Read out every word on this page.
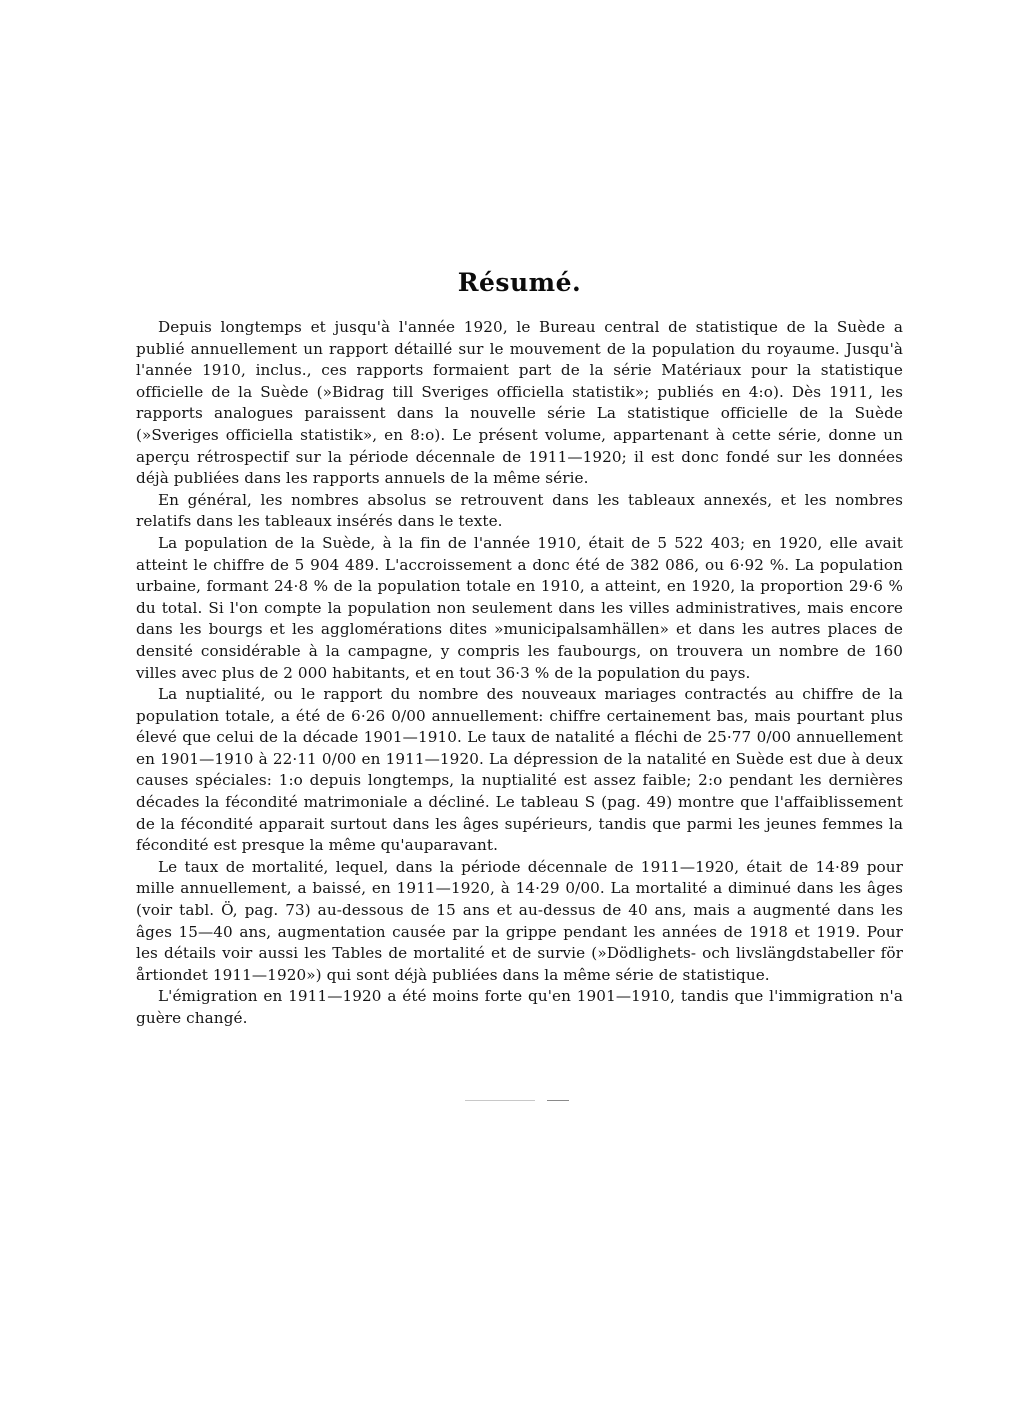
Résumé.

Depuis longtemps et jusqu'à l'année 1920, le Bureau central de statistique de la Suède a publié annuellement un rapport détaillé sur le mouvement de la population du royaume. Jusqu'à l'année 1910, inclus., ces rapports formaient part de la série Matériaux pour la statistique officielle de la Suède (»Bidrag till Sveriges officiella statistik»; publiés en 4:o). Dès 1911, les rapports analogues paraissent dans la nouvelle série La statistique officielle de la Suède (»Sveriges officiella statistik», en 8:o). Le présent volume, appartenant à cette série, donne un aperçu rétrospectif sur la période décennale de 1911—1920; il est donc fondé sur les données déjà publiées dans les rapports annuels de la même série.

En général, les nombres absolus se retrouvent dans les tableaux annexés, et les nombres relatifs dans les tableaux insérés dans le texte.

La population de la Suède, à la fin de l'année 1910, était de 5 522 403; en 1920, elle avait atteint le chiffre de 5 904 489. L'accroissement a donc été de 382 086, ou 6·92 %. La population urbaine, formant 24·8 % de la population totale en 1910, a atteint, en 1920, la proportion 29·6 % du total. Si l'on compte la population non seulement dans les villes administratives, mais encore dans les bourgs et les agglomérations dites »municipalsamhällen» et dans les autres places de densité considérable à la campagne, y compris les faubourgs, on trouvera un nombre de 160 villes avec plus de 2 000 habitants, et en tout 36·3 % de la population du pays.

La nuptialité, ou le rapport du nombre des nouveaux mariages contractés au chiffre de la population totale, a été de 6·26 0/00 annuellement: chiffre certainement bas, mais pourtant plus élevé que celui de la décade 1901—1910. Le taux de natalité a fléchi de 25·77 0/00 annuellement en 1901—1910 à 22·11 0/00 en 1911—1920. La dépression de la natalité en Suède est due à deux causes spéciales: 1:o depuis longtemps, la nuptialité est assez faible; 2:o pendant les dernières décades la fécondité matrimoniale a décliné. Le tableau S (pag. 49) montre que l'affaiblissement de la fécondité apparait surtout dans les âges supérieurs, tandis que parmi les jeunes femmes la fécondité est presque la même qu'auparavant.

Le taux de mortalité, lequel, dans la période décennale de 1911—1920, était de 14·89 pour mille annuellement, a baissé, en 1911—1920, à 14·29 0/00. La mortalité a diminué dans les âges (voir tabl. Ö, pag. 73) au-dessous de 15 ans et au-dessus de 40 ans, mais a augmenté dans les âges 15—40 ans, augmentation causée par la grippe pendant les années de 1918 et 1919. Pour les détails voir aussi les Tables de mortalité et de survie (»Dödlighets- och livslängdstabeller för årtiondet 1911—1920») qui sont déjà publiées dans la même série de statistique.

L'émigration en 1911—1920 a été moins forte qu'en 1901—1910, tandis que l'immigration n'a guère changé.
